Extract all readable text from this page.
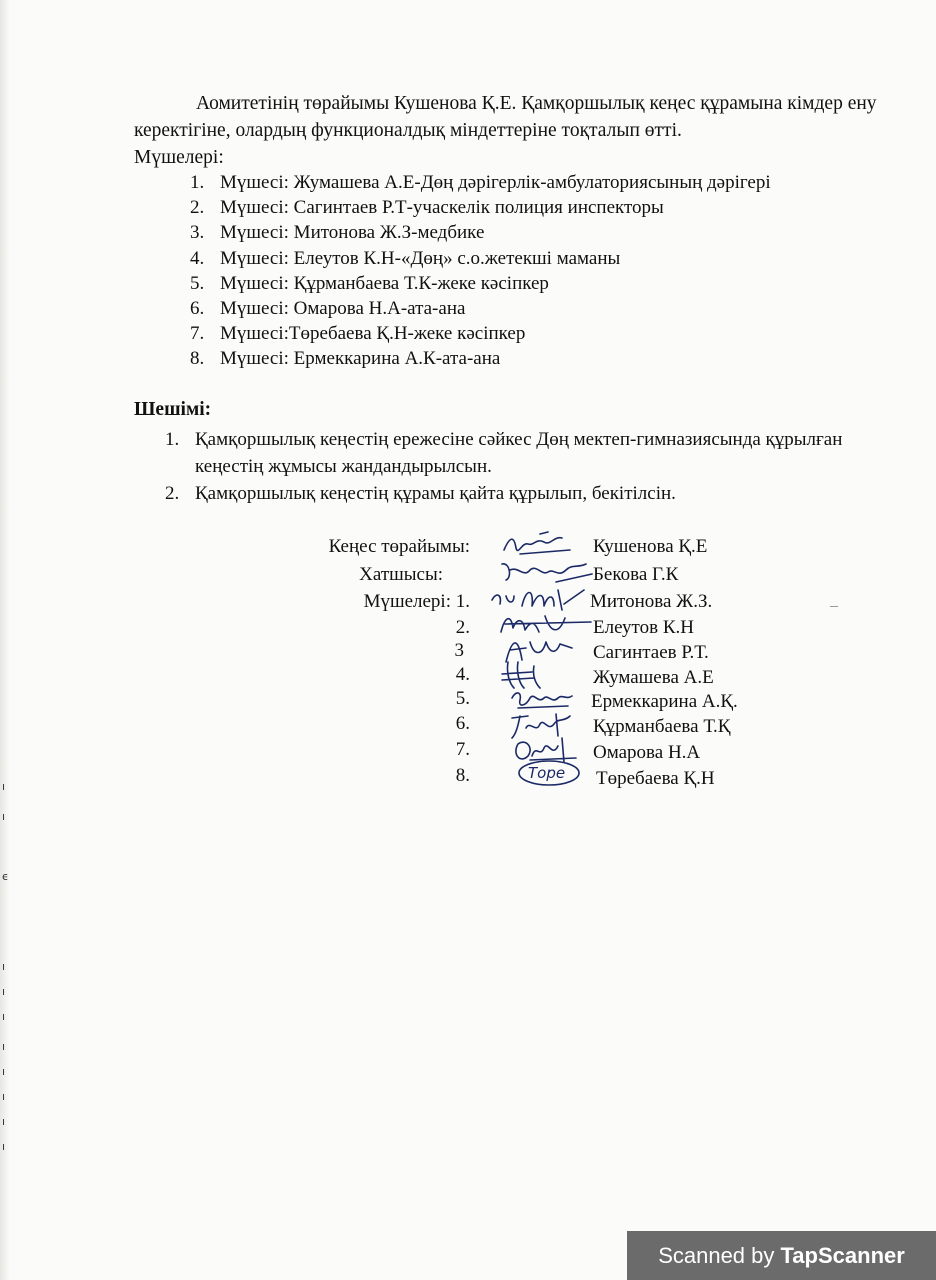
ı
ı
ϵ
ı
ı
ı
ı
ı
ı
ı
ı
Аомитетінің төрайымы Кушенова Қ.Е. Қамқоршылық кеңес құрамына кімдер ену керектігіне, олардың функционалдық міндеттеріне тоқталып өтті.
Мүшелері:
1. Мүшесі: Жумашева А.Е-Дөң дәрігерлік-амбулаториясының дәрігері
2. Мүшесі: Сагинтаев Р.Т-учаскелік полиция инспекторы
3. Мүшесі: Митонова Ж.З-медбике
4. Мүшесі: Елеутов К.Н-«Дөң» с.о.жетекші маманы
5. Мүшесі: Құрманбаева Т.К-жеке кәсіпкер
6. Мүшесі: Омарова Н.А-ата-ана
7. Мүшесі:Төребаева Қ.Н-жеке кәсіпкер
8. Мүшесі: Ермеккарина А.К-ата-ана
Шешімі:
1. Қамқоршылық кеңестің ережесіне сәйкес Дөң мектеп-гимназиясында құрылған кеңестің жұмысы жандандырылсын.
2. Қамқоршылық кеңестің құрамы қайта құрылып, бекітілсін.
Кеңес төрайымы:	Кушенова Қ.Е
Хатшысы:	Бекова Г.К
Мүшелері: 1.	Митонова Ж.З.
2.	Елеутов К.Н
3	Сагинтаев Р.Т.
4.	Жумашева А.Е
5.	Ермеккарина А.Қ.
6.	Құрманбаева Т.Қ
7.	Омарова Н.А
8.	Төребаева Қ.Н
Торе
Scanned by TapScanner
